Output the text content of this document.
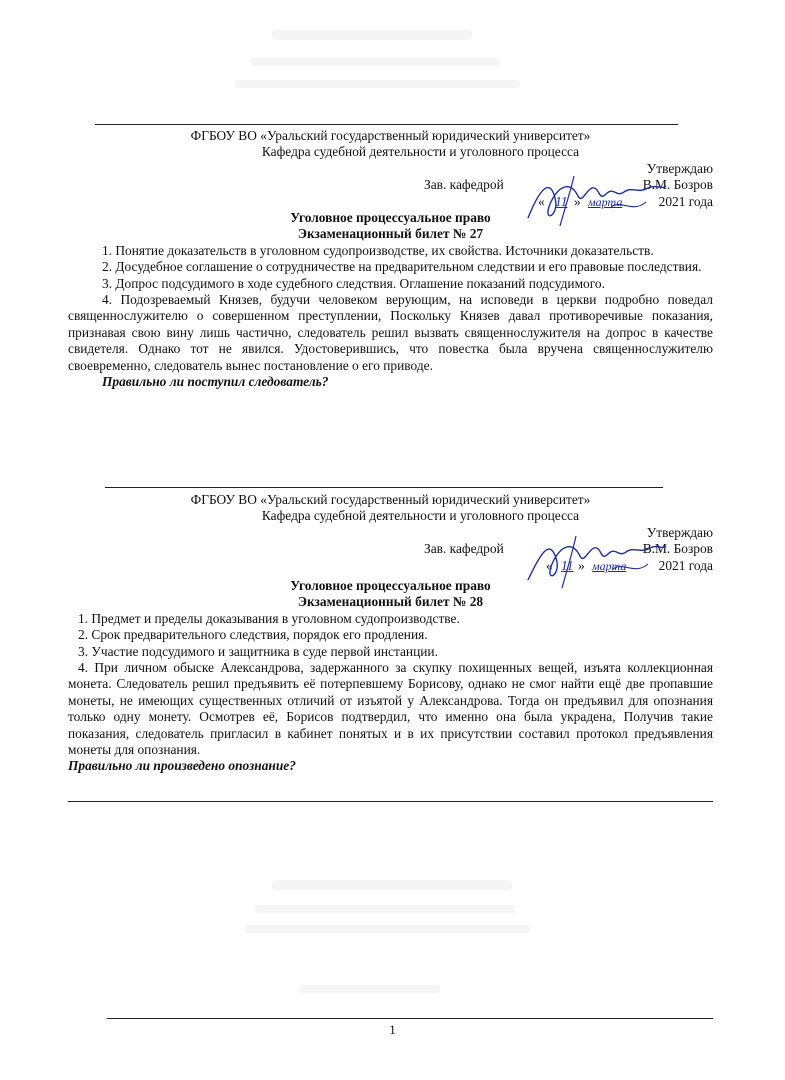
ФГБОУ ВО «Уральский государственный юридический университет»
Кафедра судебной деятельности и уголовного процесса
Утверждаю
Зав. кафедрой	В.М. Бозров
« 11 » марта	2021 года
Уголовное процессуальное право
Экзаменационный билет № 27

1. Понятие доказательств в уголовном судопроизводстве, их свойства. Источники доказательств.

2. Досудебное соглашение о сотрудничестве на предварительном следствии и его правовые последствия.

3. Допрос подсудимого в ходе судебного следствия. Оглашение показаний подсудимого.

4. Подозреваемый Князев, будучи человеком верующим, на исповеди в церкви подробно поведал священнослужителю о совершенном преступлении, Поскольку Князев давал противоречивые показания, признавая свою вину лишь частично, следователь решил вызвать священнослужителя на допрос в качестве свидетеля. Однако тот не явился. Удостоверившись, что повестка была вручена священнослужителю своевременно, следователь вынес постановление о его приводе.

Правильно ли поступил следователь?

ФГБОУ ВО «Уральский государственный юридический университет»
Кафедра судебной деятельности и уголовного процесса
Утверждаю
Зав. кафедрой	В.М. Бозров
« 11 » марта 2021 года
Уголовное процессуальное право
Экзаменационный билет № 28

1. Предмет и пределы доказывания в уголовном судопроизводстве.

2. Срок предварительного следствия, порядок его продления.

3. Участие подсудимого и защитника в суде первой инстанции.

4. При личном обыске Александрова, задержанного за скупку похищенных вещей, изъята коллекционная монета. Следователь решил предъявить её потерпевшему Борисову, однако не смог найти ещё две пропавшие монеты, не имеющих существенных отличий от изъятой у Александрова. Тогда он предъявил для опознания только одну монету. Осмотрев её, Борисов подтвердил, что именно она была украдена, Получив такие показания, следователь пригласил в кабинет понятых и в их присутствии составил протокол предъявления монеты для опознания.

Правильно ли произведено опознание?

1
